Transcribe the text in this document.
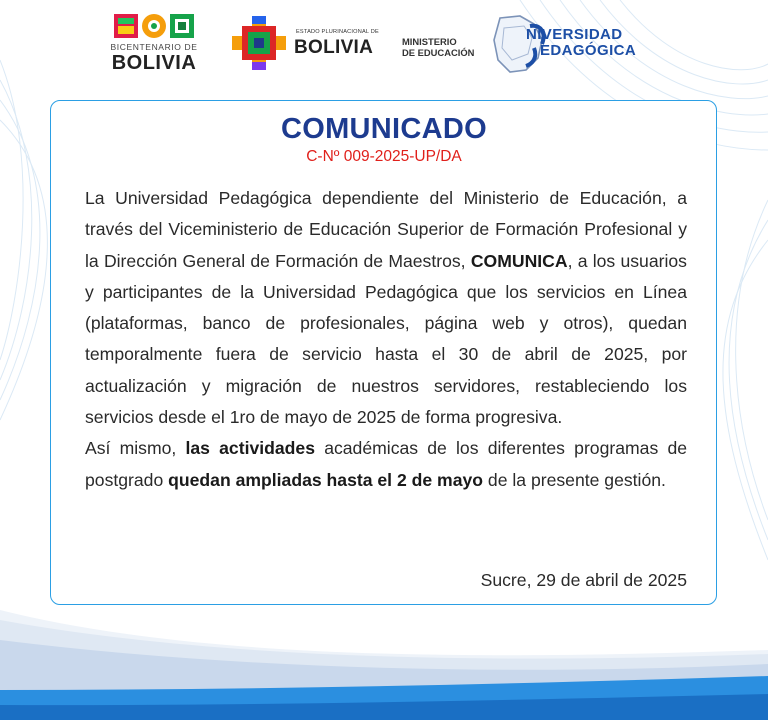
BICENTENARIO DE
BOLIVIA
ESTADO PLURINACIONAL DE
BOLIVIA	MINISTERIO
DE EDUCACIÓN
NIVERSIDAD
EDAGÓGICA
COMUNICADO
C-Nº 009-2025-UP/DA

La Universidad Pedagógica dependiente del Ministerio de Educación, a través del Viceministerio de Educación Superior de Formación Profesional y la Dirección General de Formación de Maestros, COMUNICA, a los usuarios y participantes de la Universidad Pedagógica que los servicios en Línea (plataformas, banco de profesionales, página web y otros), quedan temporalmente fuera de servicio hasta el 30 de abril de 2025, por actualización y migración de nuestros servidores, restableciendo los servicios desde el 1ro de mayo de 2025 de forma progresiva.

Así mismo, las actividades académicas de los diferentes programas de postgrado quedan ampliadas hasta el 2 de mayo de la presente gestión.

Sucre, 29 de abril de 2025
